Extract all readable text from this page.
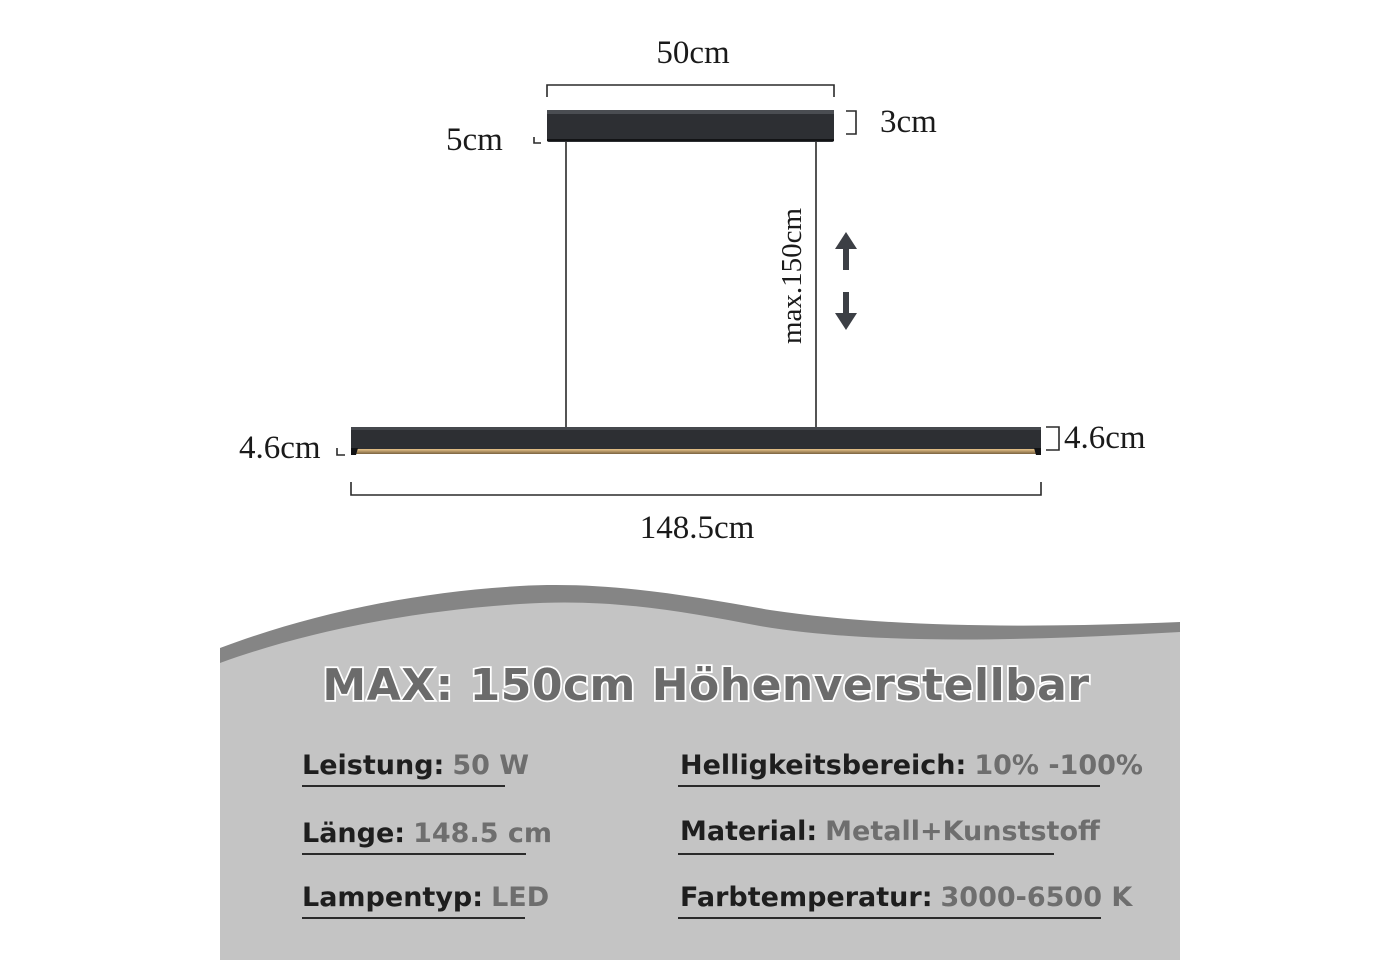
50cm
3cm
5cm
max.150cm
4.6cm	4.6cm
148.5cm
MAX: 150cm Höhenverstellbar
Leistung: 50 W	Helligkeitsbereich: 10% -100%
Länge: 148.5 cm	Material: Metall+Kunststoff
Lampentyp: LED	Farbtemperatur: 3000-6500 K
